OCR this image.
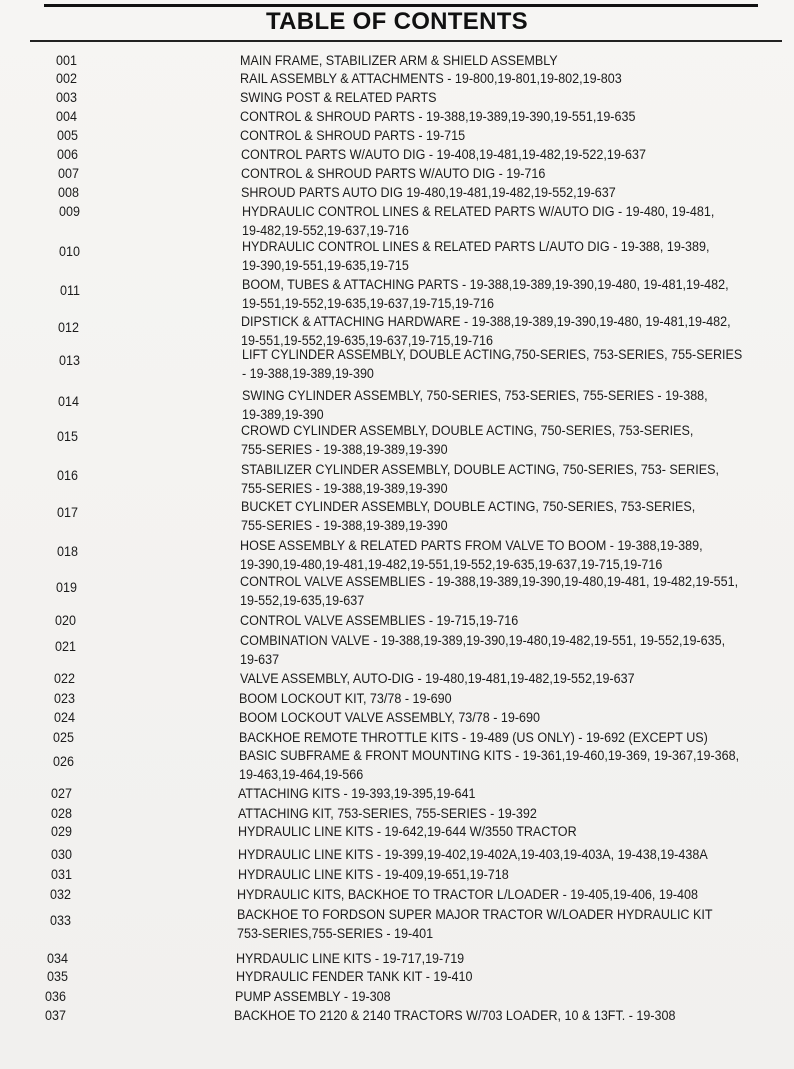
TABLE OF CONTENTS
001	MAIN FRAME, STABILIZER ARM & SHIELD ASSEMBLY
002	RAIL ASSEMBLY & ATTACHMENTS - 19-800,19-801,19-802,19-803
003	SWING POST & RELATED PARTS
004	CONTROL & SHROUD PARTS - 19-388,19-389,19-390,19-551,19-635
005	CONTROL & SHROUD PARTS - 19-715
006	CONTROL PARTS W/AUTO DIG - 19-408,19-481,19-482,19-522,19-637
007	CONTROL & SHROUD PARTS W/AUTO DIG - 19-716
008	SHROUD PARTS AUTO DIG 19-480,19-481,19-482,19-552,19-637
009	HYDRAULIC CONTROL LINES & RELATED PARTS W/AUTO DIG - 19-480, 19-481,
19-482,19-552,19-637,19-716
010	HYDRAULIC CONTROL LINES & RELATED PARTS L/AUTO DIG - 19-388, 19-389,
19-390,19-551,19-635,19-715
011	BOOM, TUBES & ATTACHING PARTS - 19-388,19-389,19-390,19-480, 19-481,19-482,
19-551,19-552,19-635,19-637,19-715,19-716
012	DIPSTICK & ATTACHING HARDWARE - 19-388,19-389,19-390,19-480, 19-481,19-482,
19-551,19-552,19-635,19-637,19-715,19-716
013	LIFT CYLINDER ASSEMBLY, DOUBLE ACTING,750-SERIES, 753-SERIES, 755-SERIES
- 19-388,19-389,19-390
014	SWING CYLINDER ASSEMBLY, 750-SERIES, 753-SERIES, 755-SERIES - 19-388,
19-389,19-390
015	CROWD CYLINDER ASSEMBLY, DOUBLE ACTING, 750-SERIES, 753-SERIES,
755-SERIES - 19-388,19-389,19-390
016	STABILIZER CYLINDER ASSEMBLY, DOUBLE ACTING, 750-SERIES, 753- SERIES,
755-SERIES - 19-388,19-389,19-390
017	BUCKET CYLINDER ASSEMBLY, DOUBLE ACTING, 750-SERIES, 753-SERIES,
755-SERIES - 19-388,19-389,19-390
018	HOSE ASSEMBLY & RELATED PARTS FROM VALVE TO BOOM - 19-388,19-389,
19-390,19-480,19-481,19-482,19-551,19-552,19-635,19-637,19-715,19-716
019	CONTROL VALVE ASSEMBLIES - 19-388,19-389,19-390,19-480,19-481, 19-482,19-551,
19-552,19-635,19-637
020	CONTROL VALVE ASSEMBLIES - 19-715,19-716
021	COMBINATION VALVE - 19-388,19-389,19-390,19-480,19-482,19-551, 19-552,19-635,
19-637
022	VALVE ASSEMBLY, AUTO-DIG - 19-480,19-481,19-482,19-552,19-637
023	BOOM LOCKOUT KIT, 73/78 - 19-690
024	BOOM LOCKOUT VALVE ASSEMBLY, 73/78 - 19-690
025	BACKHOE REMOTE THROTTLE KITS - 19-489 (US ONLY) - 19-692 (EXCEPT US)
026	BASIC SUBFRAME & FRONT MOUNTING KITS - 19-361,19-460,19-369, 19-367,19-368,
19-463,19-464,19-566
027	ATTACHING KITS - 19-393,19-395,19-641
028	ATTACHING KIT, 753-SERIES, 755-SERIES - 19-392
029	HYDRAULIC LINE KITS - 19-642,19-644 W/3550 TRACTOR
030	HYDRAULIC LINE KITS - 19-399,19-402,19-402A,19-403,19-403A, 19-438,19-438A
031	HYDRAULIC LINE KITS - 19-409,19-651,19-718
032	HYDRAULIC KITS, BACKHOE TO TRACTOR L/LOADER - 19-405,19-406, 19-408
033	BACKHOE TO FORDSON SUPER MAJOR TRACTOR W/LOADER HYDRAULIC KIT
753-SERIES,755-SERIES - 19-401
034	HYRDAULIC LINE KITS - 19-717,19-719
035	HYDRAULIC FENDER TANK KIT - 19-410
036	PUMP ASSEMBLY - 19-308
037	BACKHOE TO 2120 & 2140 TRACTORS W/703 LOADER, 10 & 13FT. - 19-308
